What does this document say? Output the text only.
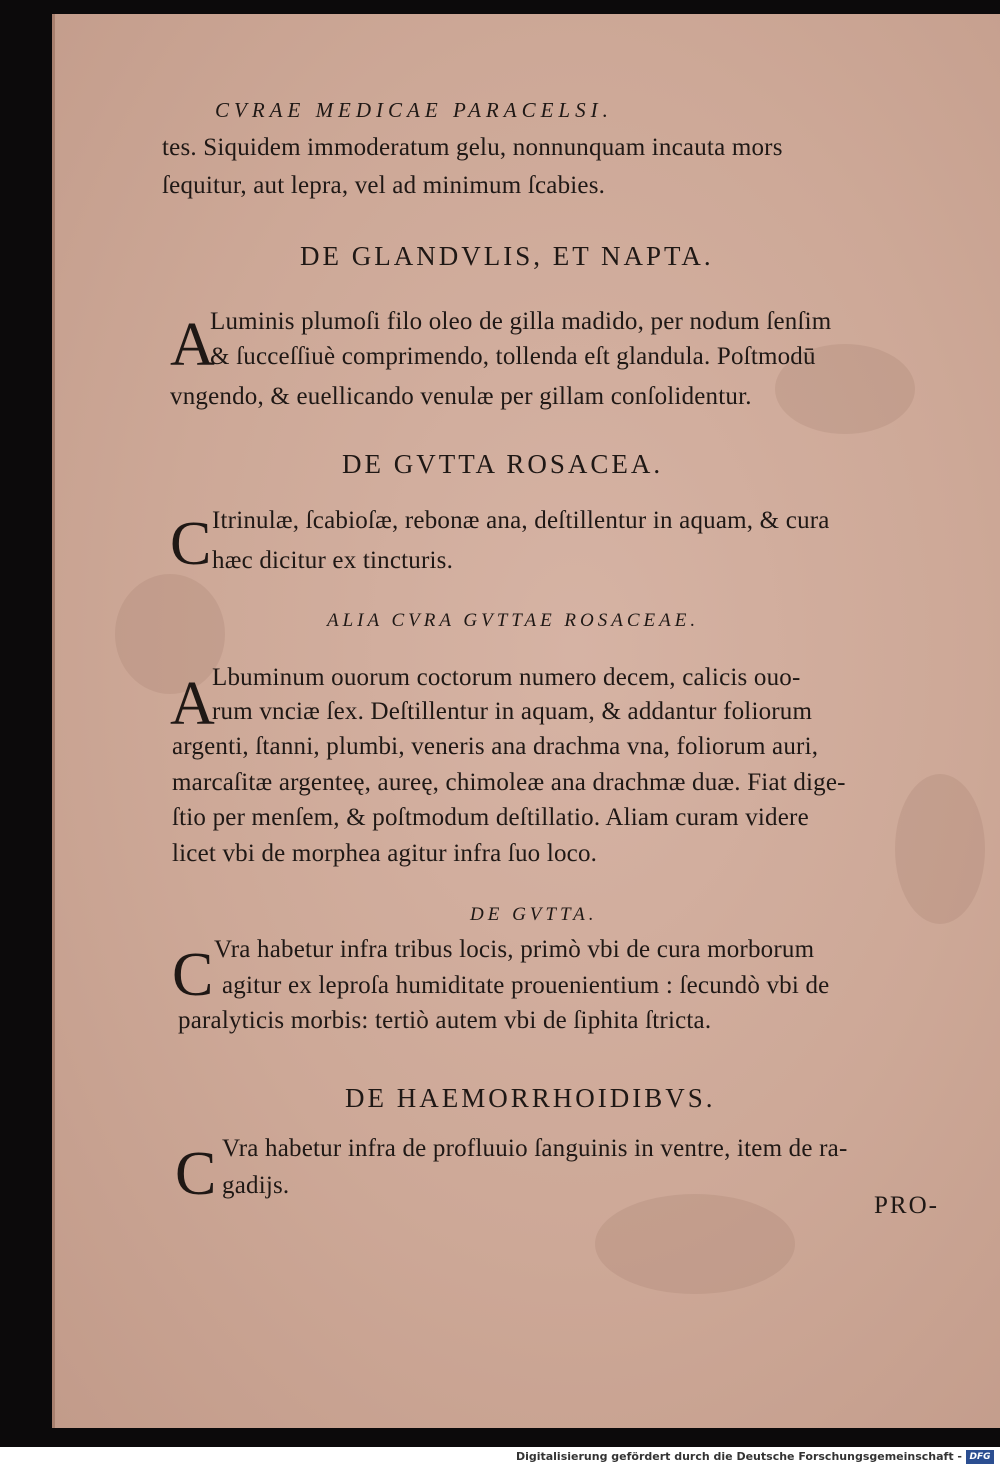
CVRAE MEDICAE PARACELSI.
tes. Siquidem immoderatum gelu, nonnunquam incauta mors
ſequitur, aut lepra, vel ad minimum ſcabies.
DE GLANDVLIS, ET NAPTA.
A
Luminis plumoſi filo oleo de gilla madido, per nodum ſenſim
& ſucceſſiuè comprimendo, tollenda eſt glandula. Poſtmodū
vngendo, & euellicando venulæ per gillam conſolidentur.
DE GVTTA ROSACEA.
C Itrinulæ, ſcabioſæ, rebonæ ana, deſtillentur in aquam, & cura
hæc dicitur ex tincturis.
ALIA CVRA GVTTAE ROSACEAE.
A
Lbuminum ouorum coctorum numero decem, calicis ouo-
rum vnciæ ſex. Deſtillentur in aquam, & addantur foliorum
argenti, ſtanni, plumbi, veneris ana drachma vna, foliorum auri,
marcaſitæ argenteę, aureę, chimoleæ ana drachmæ duæ. Fiat dige-
ſtio per menſem, & poſtmodum deſtillatio. Aliam curam videre
licet vbi de morphea agitur infra ſuo loco.
DE GVTTA.
C Vra habetur infra tribus locis, primò vbi de cura morborum
agitur ex leproſa humiditate prouenientium : ſecundò vbi de
paralyticis morbis: tertiò autem vbi de ſiphita ſtricta.
DE HAEMORRHOIDIBVS.
C Vra habetur infra de profluuio ſanguinis in ventre, item de ra-
gadijs.
PRO-
Digitalisierung gefördert durch die Deutsche Forschungsgemeinschaft - DFG
